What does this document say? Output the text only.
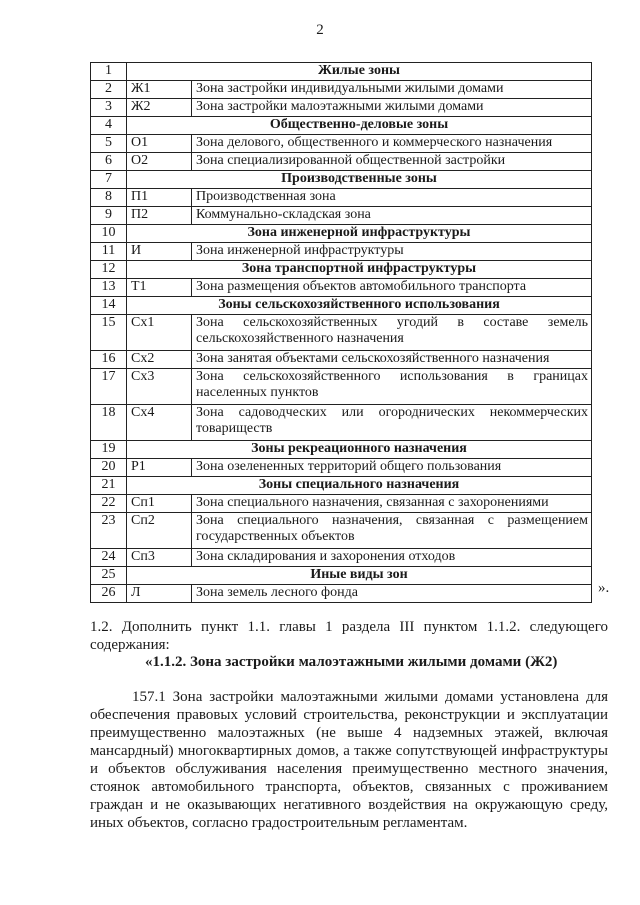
2
1	Жилые зоны	
2	Ж1	Зона застройки индивидуальными жилыми домами
3	Ж2	Зона застройки малоэтажными жилыми домами
4	Общественно-деловые зоны	
5	О1	Зона делового, общественного и коммерческого назначения
6	О2	Зона специализированной общественной застройки
7	Производственные зоны	
8	П1	Производственная зона
9	П2	Коммунально-складская зона
10	Зона инженерной инфраструктуры	
11	И	Зона инженерной инфраструктуры
12	Зона транспортной инфраструктуры	
13	Т1	Зона размещения объектов автомобильного транспорта
14	Зоны сельскохозяйственного использования	
15	Сх1	Зона сельскохозяйственных угодий в составе земель сельскохозяйственного назначения
16	Сх2	Зона занятая объектами сельскохозяйственного назначения
17	Сх3	Зона сельскохозяйственного использования в границах населенных пунктов
18	Сх4	Зона садоводческих или огороднических некоммерческих товариществ
19	Зоны рекреационного назначения	
20	Р1	Зона озелененных территорий общего пользования
21	Зоны специального назначения	
22	Сп1	Зона специального назначения, связанная с захоронениями
23	Сп2	Зона специального назначения, связанная с размещением государственных объектов
24	Сп3	Зона складирования и захоронения отходов
25	Иные виды зон	
26	Л	Зона земель лесного фонда	».

1.2. Дополнить пункт 1.1. главы 1 раздела III пунктом 1.1.2. следующего содержания:

«1.1.2. Зона застройки малоэтажными жилыми домами (Ж2)

157.1 Зона застройки малоэтажными жилыми домами установлена для обеспечения правовых условий строительства, реконструкции и эксплуатации преимущественно малоэтажных (не выше 4 надземных этажей, включая мансардный) многоквартирных домов, а также сопутствующей инфраструктуры и объектов обслуживания населения преимущественно местного значения, стоянок автомобильного транспорта, объектов, связанных с проживанием граждан и не оказывающих негативного воздействия на окружающую среду, иных объектов, согласно градостроительным регламентам.
